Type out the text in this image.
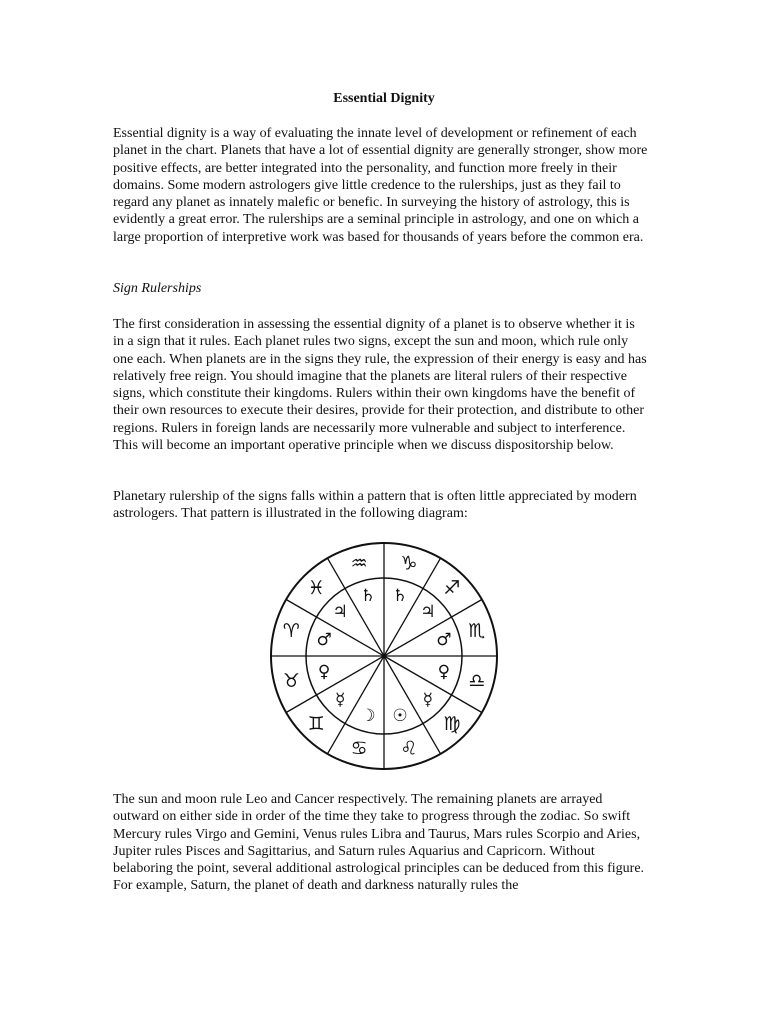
Essential Dignity

Essential dignity is a way of evaluating the innate level of development or refinement of each planet in the chart. Planets that have a lot of essential dignity are generally stronger, show more positive effects, are better integrated into the personality, and function more freely in their domains. Some modern astrologers give little credence to the rulerships, just as they fail to regard any planet as innately malefic or benefic. In surveying the history of astrology, this is evidently a great error. The rulerships are a seminal principle in astrology, and one on which a large proportion of interpretive work was based for thousands of years before the common era.

Sign Rulerships

The first consideration in assessing the essential dignity of a planet is to observe whether it is in a sign that it rules. Each planet rules two signs, except the sun and moon, which rule only one each. When planets are in the signs they rule, the expression of their energy is easy and has relatively free reign. You should imagine that the planets are literal rulers of their respective signs, which constitute their kingdoms. Rulers within their own kingdoms have the benefit of their own resources to execute their desires, provide for their protection, and distribute to other regions. Rulers in foreign lands are necessarily more vulnerable and subject to interference. This will become an important operative principle when we discuss dispositorship below.

Planetary rulership of the signs falls within a pattern that is often little appreciated by modern astrologers. That pattern is illustrated in the following diagram:

♒
♄
♑
♄ ♐
♃
♏
♂
♎
♀
♍
☿
♌
☉
♋
☽
♊
☿
♉ ♀
♈ ♂
♓
♃

The sun and moon rule Leo and Cancer respectively. The remaining planets are arrayed outward on either side in order of the time they take to progress through the zodiac. So swift Mercury rules Virgo and Gemini, Venus rules Libra and Taurus, Mars rules Scorpio and Aries, Jupiter rules Pisces and Sagittarius, and Saturn rules Aquarius and Capricorn. Without belaboring the point, several additional astrological principles can be deduced from this figure. For example, Saturn, the planet of death and darkness naturally rules the
